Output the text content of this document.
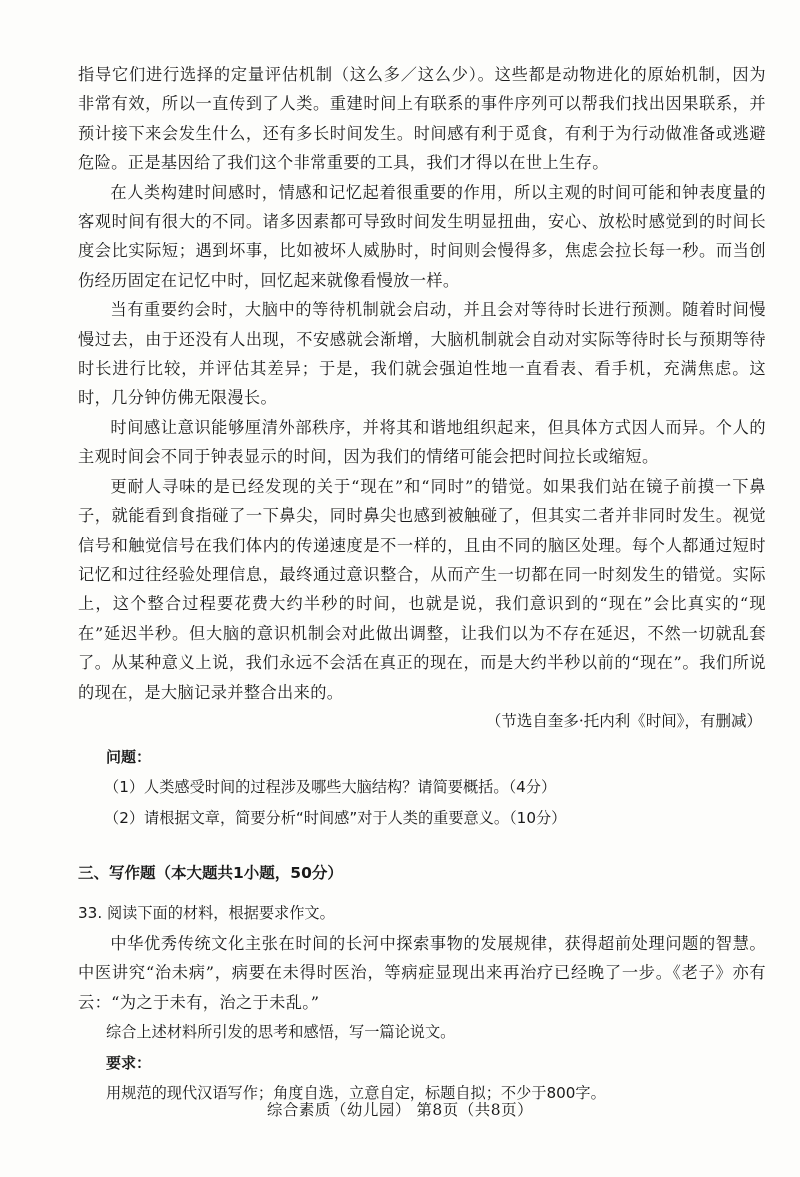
指导它们进行选择的定量评估机制（这么多／这么少）。这些都是动物进化的原始机制，因为非常有效，所以一直传到了人类。重建时间上有联系的事件序列可以帮我们找出因果联系，并预计接下来会发生什么，还有多长时间发生。时间感有利于觅食，有利于为行动做准备或逃避危险。正是基因给了我们这个非常重要的工具，我们才得以在世上生存。

在人类构建时间感时，情感和记忆起着很重要的作用，所以主观的时间可能和钟表度量的客观时间有很大的不同。诸多因素都可导致时间发生明显扭曲，安心、放松时感觉到的时间长度会比实际短；遇到坏事，比如被坏人威胁时，时间则会慢得多，焦虑会拉长每一秒。而当创伤经历固定在记忆中时，回忆起来就像看慢放一样。

当有重要约会时，大脑中的等待机制就会启动，并且会对等待时长进行预测。随着时间慢慢过去，由于还没有人出现，不安感就会渐增，大脑机制就会自动对实际等待时长与预期等待时长进行比较，并评估其差异；于是，我们就会强迫性地一直看表、看手机，充满焦虑。这时，几分钟仿佛无限漫长。

时间感让意识能够厘清外部秩序，并将其和谐地组织起来，但具体方式因人而异。个人的主观时间会不同于钟表显示的时间，因为我们的情绪可能会把时间拉长或缩短。

更耐人寻味的是已经发现的关于“现在”和“同时”的错觉。如果我们站在镜子前摸一下鼻子，就能看到食指碰了一下鼻尖，同时鼻尖也感到被触碰了，但其实二者并非同时发生。视觉信号和触觉信号在我们体内的传递速度是不一样的，且由不同的脑区处理。每个人都通过短时记忆和过往经验处理信息，最终通过意识整合，从而产生一切都在同一时刻发生的错觉。实际上，这个整合过程要花费大约半秒的时间，也就是说，我们意识到的“现在”会比真实的“现在”延迟半秒。但大脑的意识机制会对此做出调整，让我们以为不存在延迟，不然一切就乱套了。从某种意义上说，我们永远不会活在真正的现在，而是大约半秒以前的“现在”。我们所说的现在，是大脑记录并整合出来的。

（节选自奎多·托内利《时间》，有删减）

问题：
（1）人类感受时间的过程涉及哪些大脑结构？请简要概括。（4分）
（2）请根据文章，简要分析“时间感”对于人类的重要意义。（10分）
三、写作题（本大题共1小题，50分）

33. 阅读下面的材料，根据要求作文。

中华优秀传统文化主张在时间的长河中探索事物的发展规律，获得超前处理问题的智慧。中医讲究“治未病”，病要在未得时医治，等病症显现出来再治疗已经晚了一步。《老子》亦有云：“为之于未有，治之于未乱。”

综合上述材料所引发的思考和感悟，写一篇论说文。

要求：

用规范的现代汉语写作；角度自选，立意自定，标题自拟；不少于800字。

综合素质（幼儿园） 第8页（共8页）
